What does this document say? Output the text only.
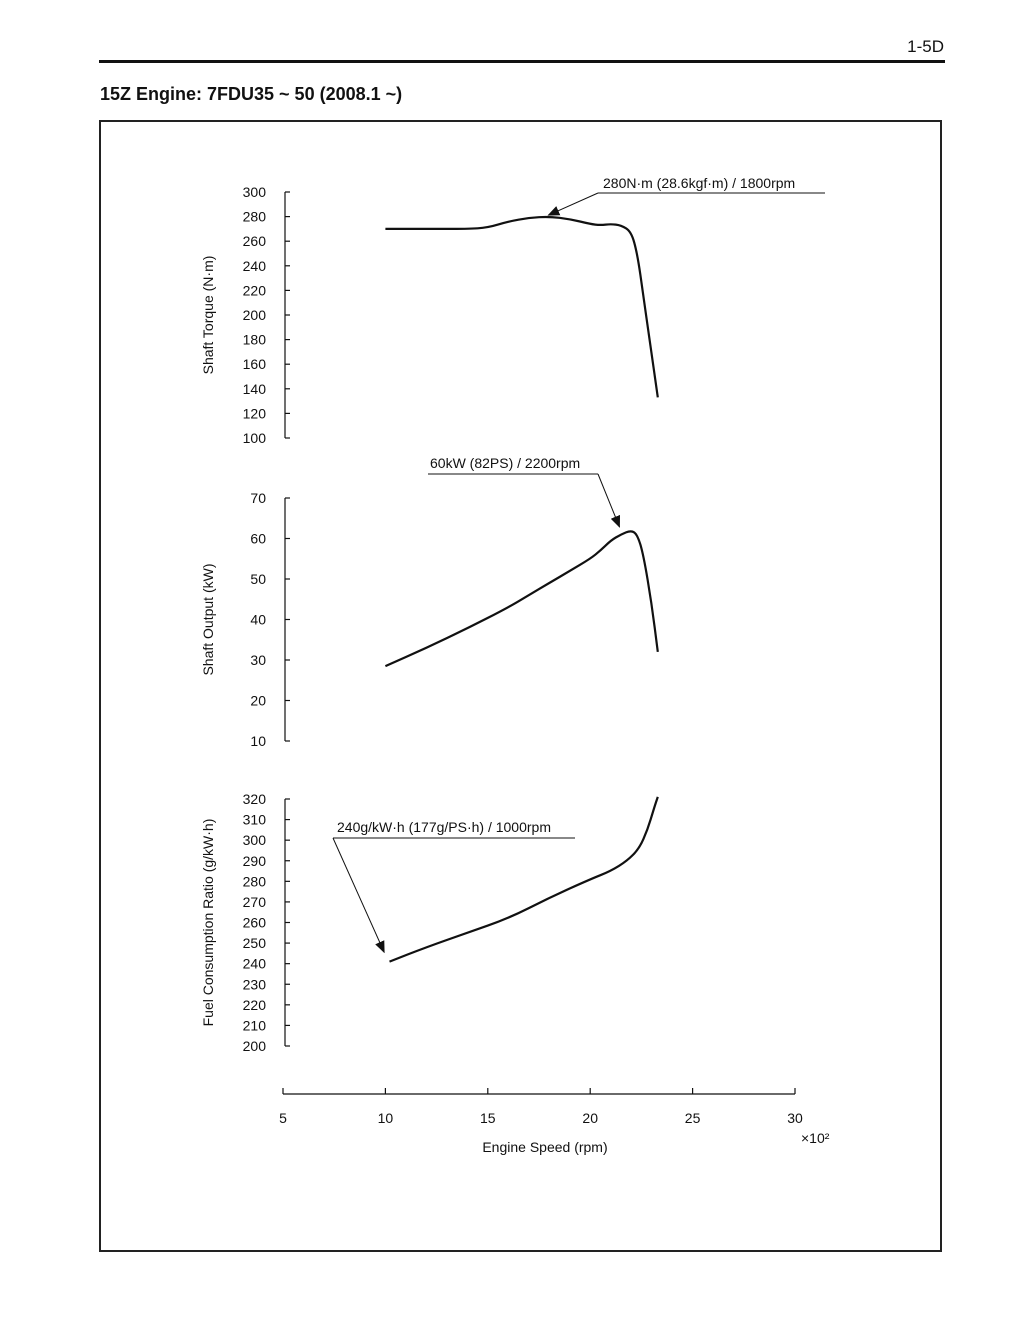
1-5D
15Z Engine: 7FDU35 ~ 50 (2008.1 ~)
300
280
260
240
220
200
180
160
140
120
100
Shaft Torque (N·m)
280N·m (28.6kgf·m) / 1800rpm
70
60
50
40
30
20
10
Shaft Output (kW)
60kW (82PS) / 2200rpm
320
310
300
290
280
270
260
250
240
230
220
210
200
Fuel Consumption Ratio (g/kW·h)	240g/kW·h (177g/PS·h) / 1000rpm
5	10	15	20	25	30
Engine Speed (rpm)
×10²
